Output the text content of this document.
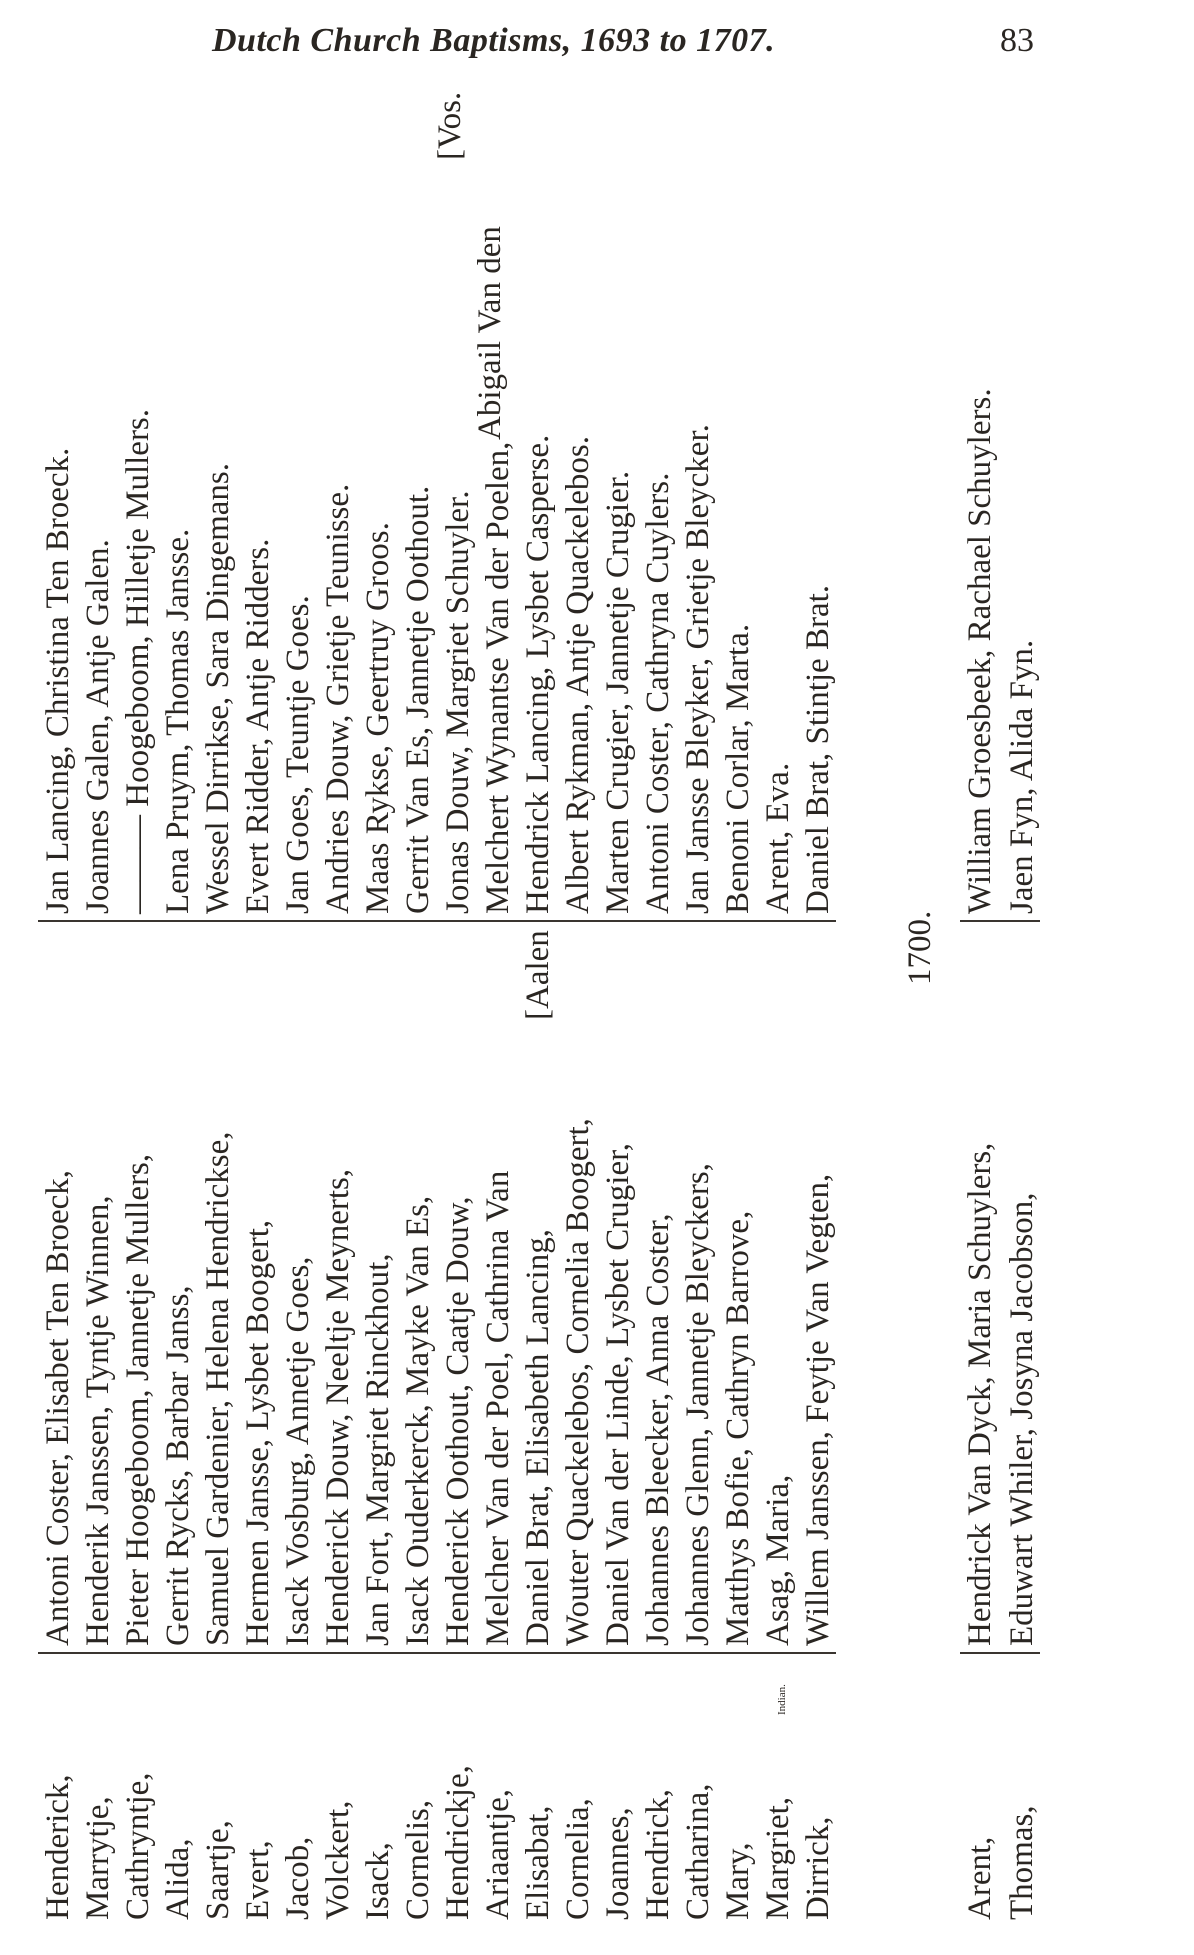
Dutch Church Baptisms, 1693 to 1707.	83
Henderick,
Antoni Coster, Elisabet Ten Broeck,
Jan Lancing, Christina Ten Broeck.
Marrytje,
Henderik Janssen, Tyntje Winnen,
Joannes Galen, Antje Galen.
Cathryntje,
Pieter Hoogeboom, Jannetje Mullers,
——— Hoogeboom, Hilletje Mullers.
Alida,
Gerrit Rycks, Barbar Janss,
Lena Pruym, Thomas Jansse.
Saartje,
Samuel Gardenier, Helena Hendrickse,
Wessel Dirrikse, Sara Dingemans.
Evert,
Hermen Jansse, Lysbet Boogert,
Evert Ridder, Antje Ridders.
Jacob,
Isack Vosburg, Annetje Goes,
Jan Goes, Teuntje Goes.
Volckert,
Henderick Douw, Neeltje Meynerts,
Andries Douw, Grietje Teunisse.
Isack,
Jan Fort, Margriet Rinckhout,
Maas Rykse, Geertruy Groos.
Cornelis,
Isack Ouderkerck, Mayke Van Es,
Gerrit Van Es, Jannetje Oothout.
Hendrickje,
Henderick Oothout, Caatje Douw,
Jonas Douw, Margriet Schuyler.
Ariaantje,
Melcher Van der Poel, Cathrina Van
Melchert Wynantse Van der Poelen,
Elisabat,
Daniel Brat, Elisabeth Lancing,
[Aalen
Hendrick Lancing, Lysbet Casperse.
Cornelia,
Wouter Quackelebos, Cornelia Boogert,
Albert Rykman, Antje Quackelebos.
Joannes,
Daniel Van der Linde, Lysbet Crugier,
Marten Crugier, Jannetje Crugier.
Hendrick,
Johannes Bleecker, Anna Coster,
Antoni Coster, Cathryna Cuylers.
Catharina,
Johannes Glenn, Jannetje Bleyckers,
Jan Jansse Bleyker, Grietje Bleycker.
Mary,
Matthys Bofie, Cathryn Barrove,
Benoni Corlar, Marta.
Margriet,
Indian.
Asag, Maria,
Arent, Eva.
Dirrick,
Willem Janssen, Feytje Van Vegten,
Daniel Brat, Stintje Brat.
Abigail Van den
[Vos.
1700.
Arent,
Hendrick Van Dyck, Maria Schuylers,
William Groesbeek, Rachael Schuylers.
Thomas,
Eduwart Whiler, Josyna Jacobson,
Jaen Fyn, Alida Fyn.
